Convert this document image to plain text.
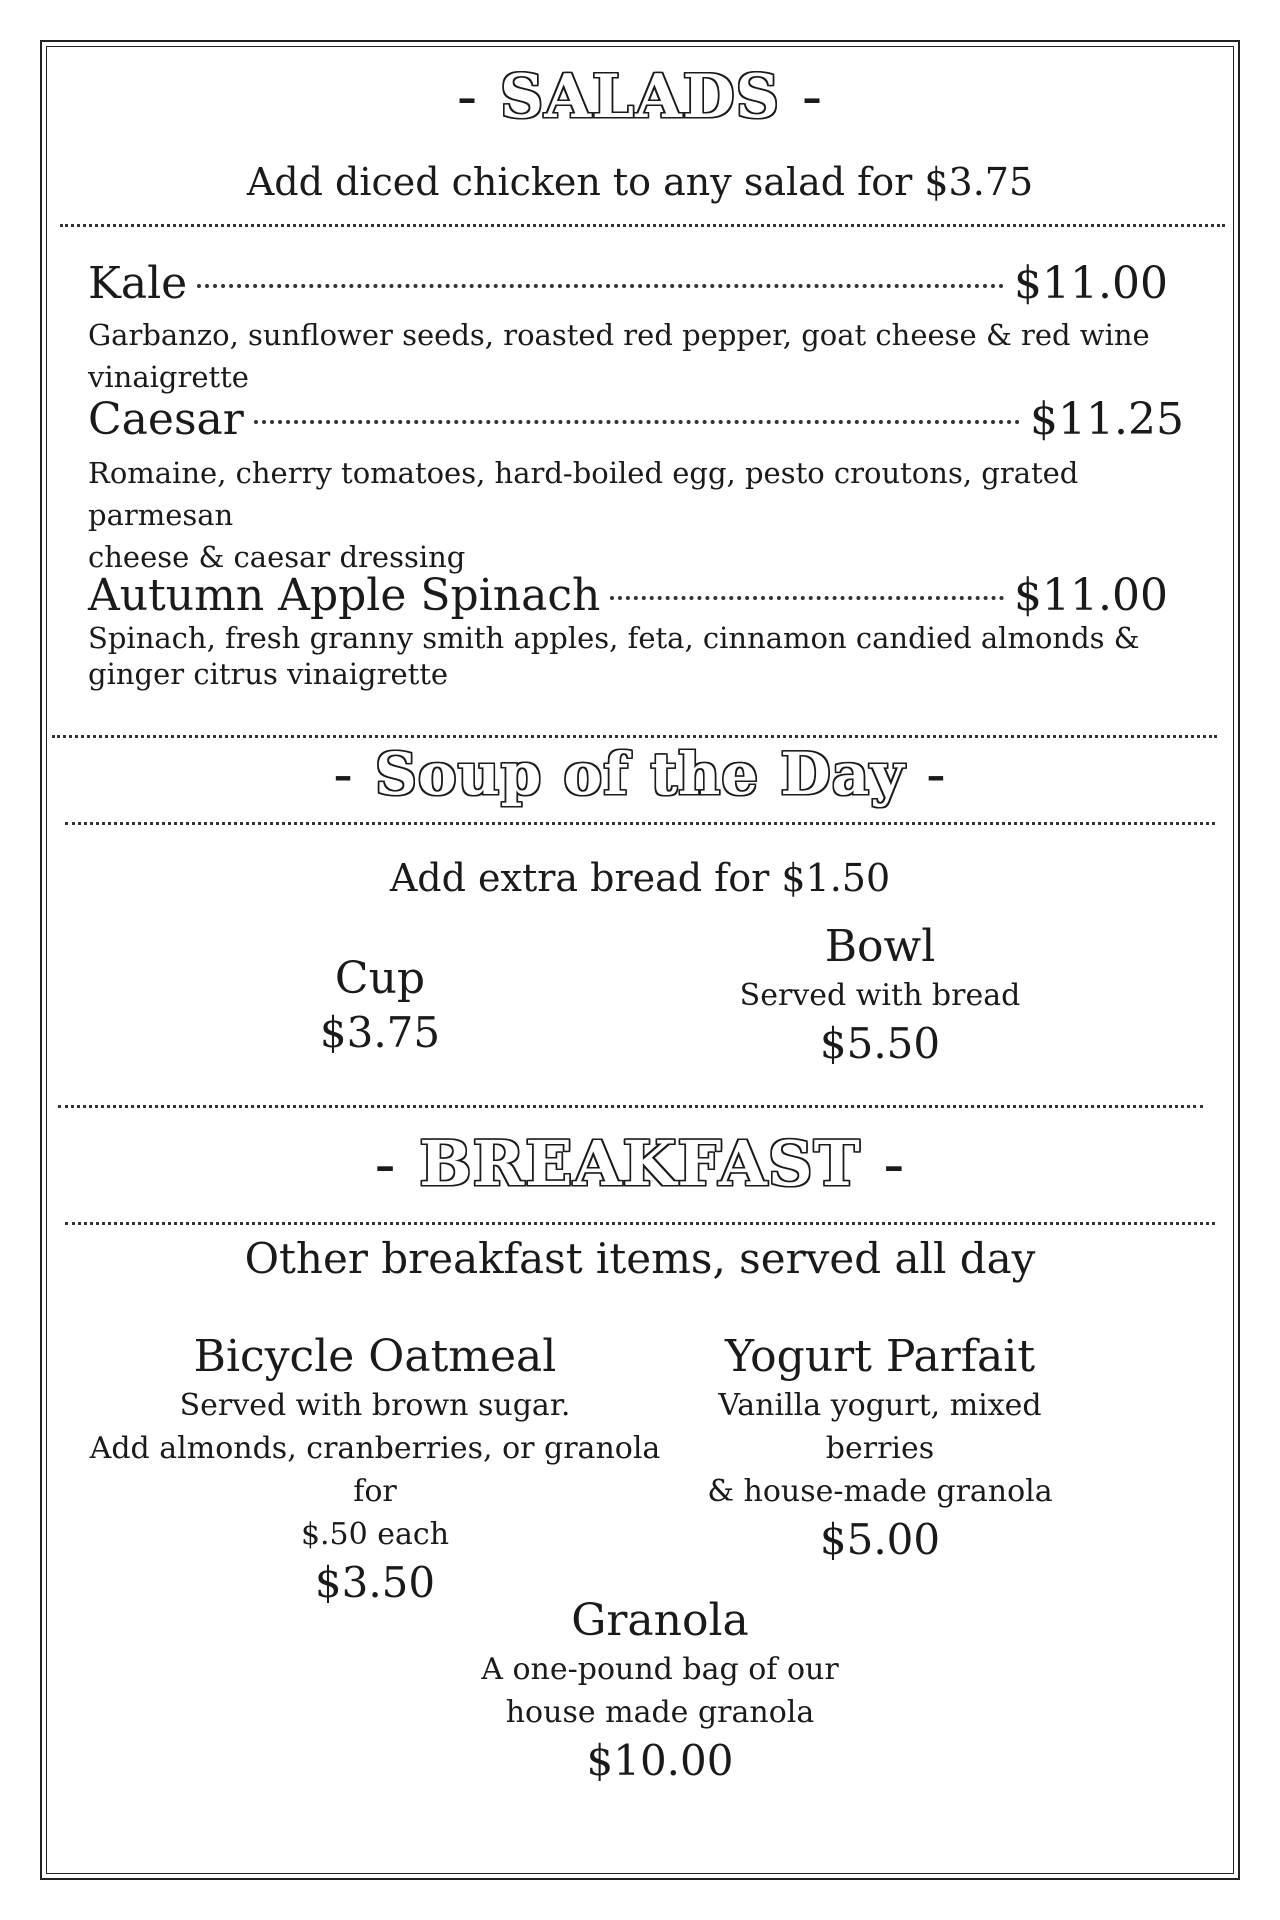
- SALADS -
Add diced chicken to any salad for $3.75
Kale	$11.00
Garbanzo, sunflower seeds, roasted red pepper, goat cheese & red wine vinaigrette
Caesar	$11.25
Romaine, cherry tomatoes, hard-boiled egg, pesto croutons, grated parmesan
cheese & caesar dressing
Autumn Apple Spinach	$11.00
Spinach, fresh granny smith apples, feta, cinnamon candied almonds &
ginger citrus vinaigrette
- Soup of the Day -
Add extra bread for $1.50
Cup
$3.75
Bowl
Served with bread
$5.50
- BREAKFAST -
Other breakfast items, served all day
Bicycle Oatmeal
Served with brown sugar.
Add almonds, cranberries, or granola for
$.50 each
$3.50
Yogurt Parfait
Vanilla yogurt, mixed berries
& house-made granola
$5.00
Granola
A one-pound bag of our
house made granola
$10.00
